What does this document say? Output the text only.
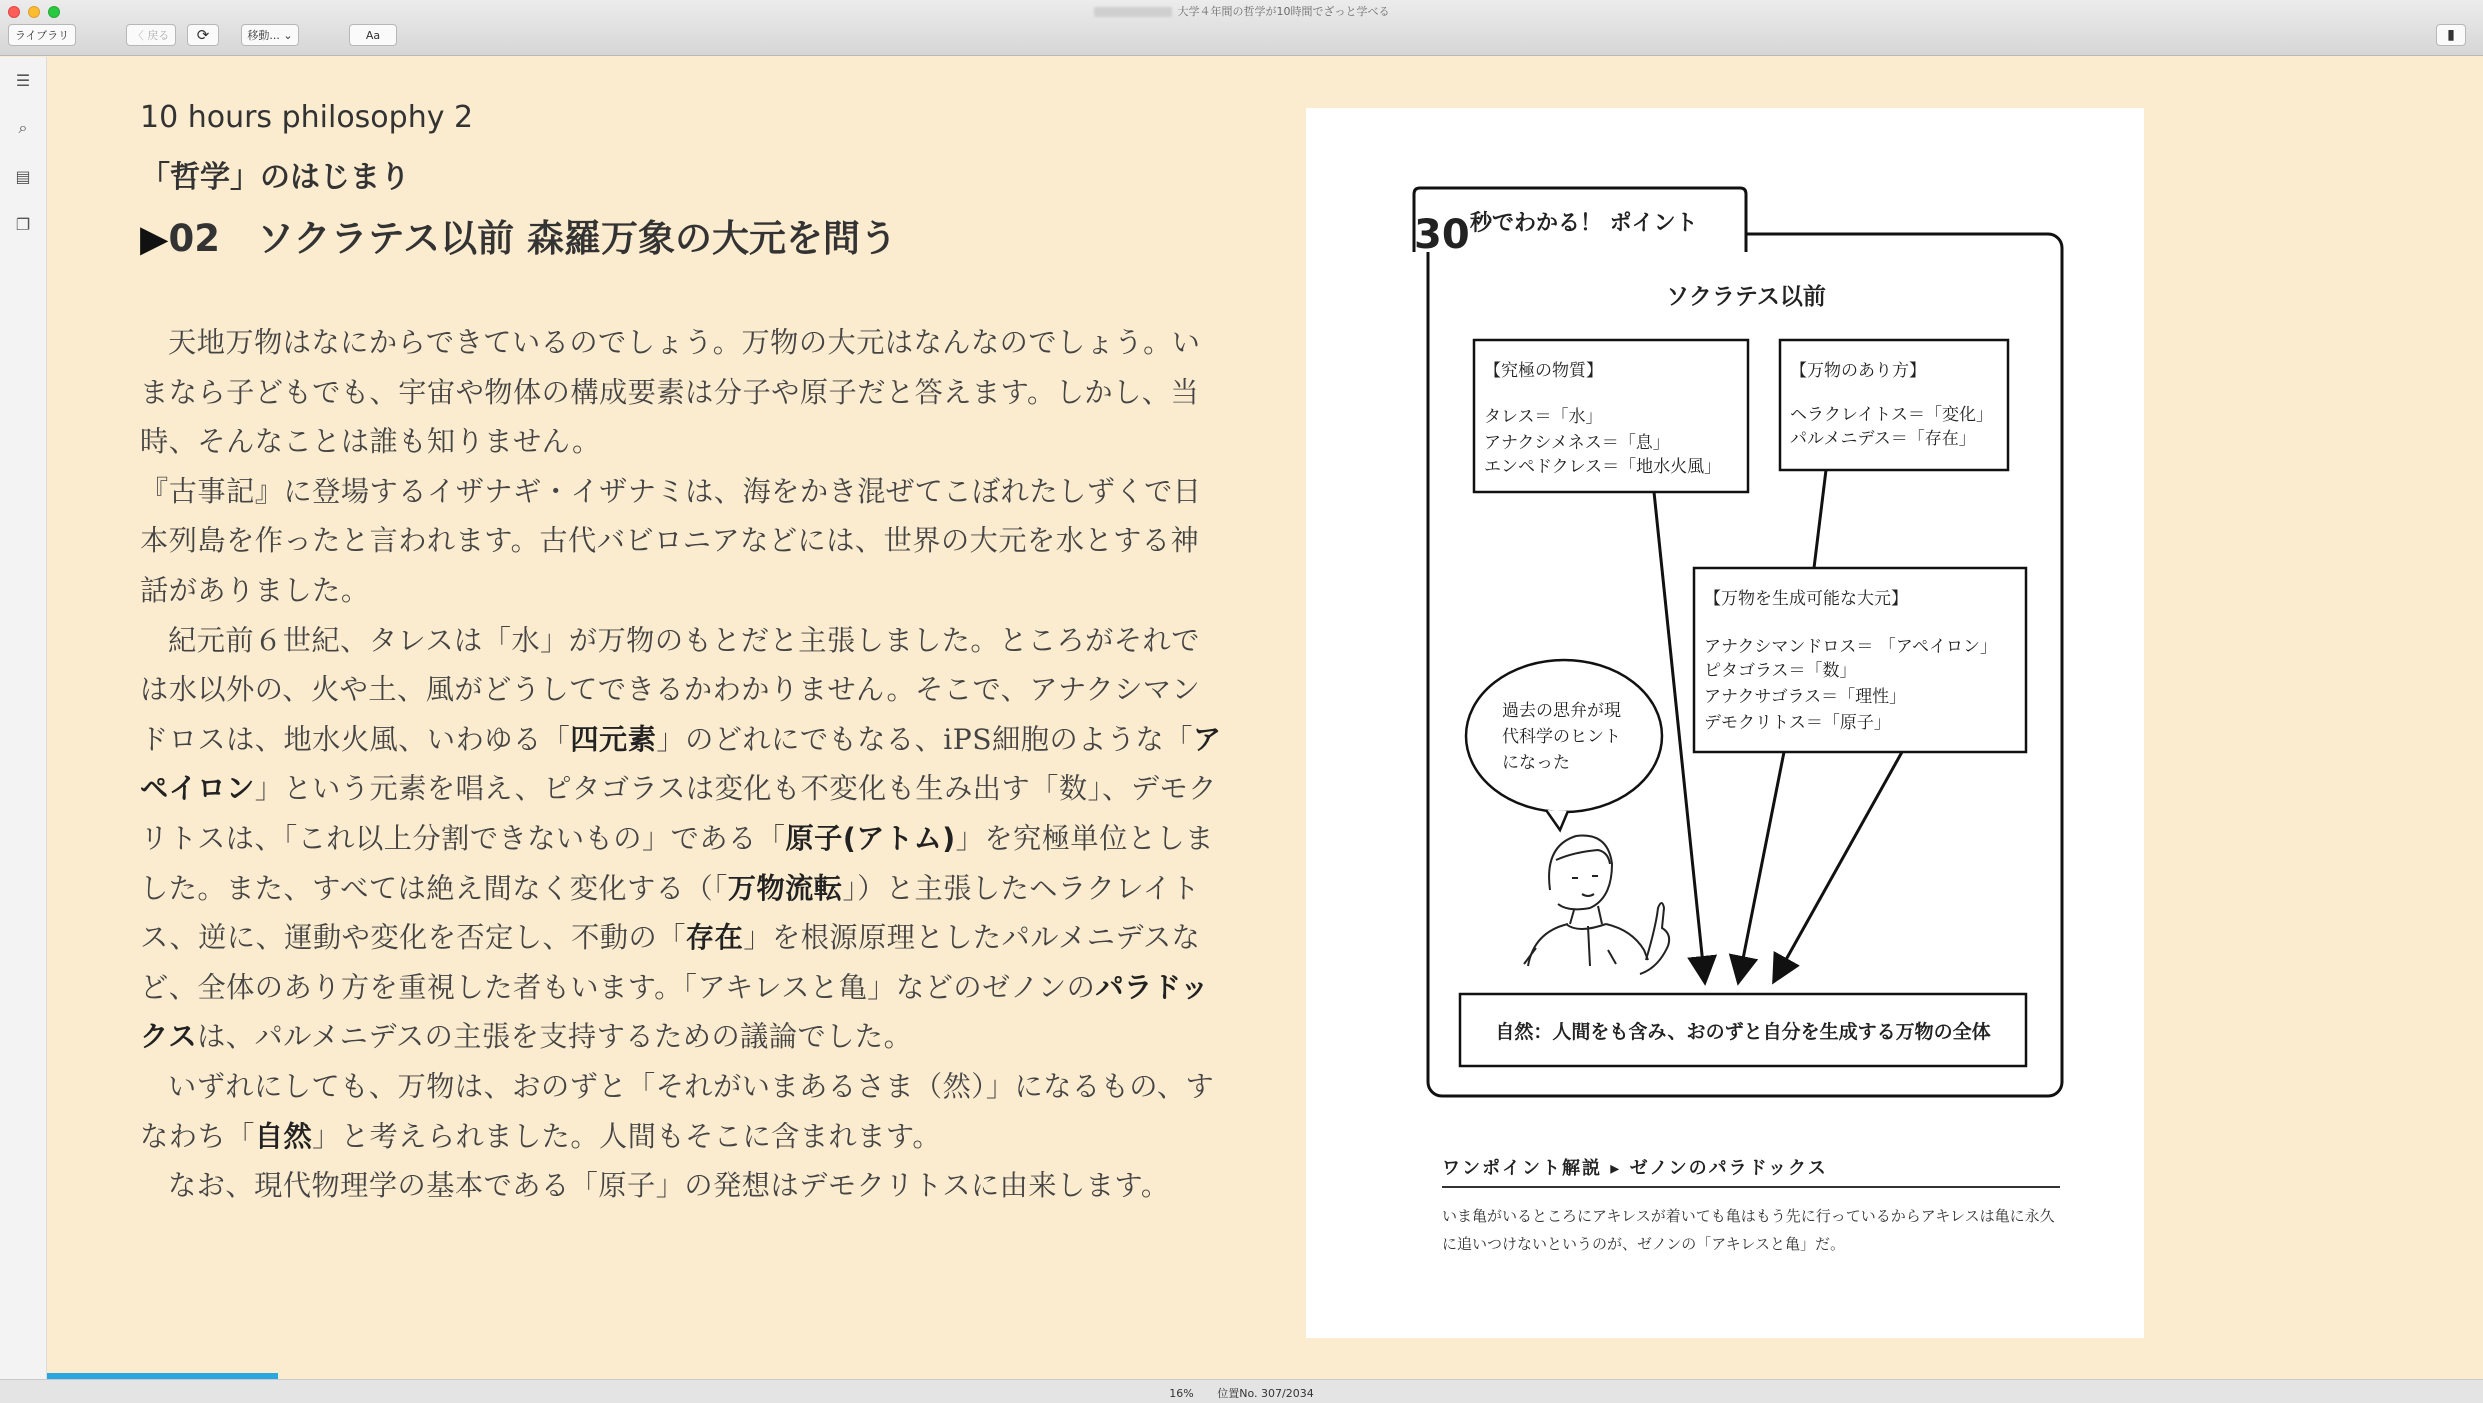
大学４年間の哲学が10時間でざっと学べる
ライブラリ	〈 戻る	⟳	移動... ⌄	Aa	▮
☰
⌕
▤
❐
10 hours philosophy 2
「哲学」のはじまり
▶02　ソクラテス以前 森羅万象の大元を問う

天地万物はなにからできているのでしょう。万物の大元はなんなのでしょう。いまなら子どもでも、宇宙や物体の構成要素は分子や原子だと答えます。しかし、当時、そんなことは誰も知りません。

『古事記』に登場するイザナギ・イザナミは、海をかき混ぜてこぼれたしずくで日本列島を作ったと言われます。古代バビロニアなどには、世界の大元を水とする神話がありました。

紀元前６世紀、タレスは「水」が万物のもとだと主張しました。ところがそれでは水以外の、火や土、風がどうしてできるかわかりません。そこで、アナクシマンドロスは、地水火風、いわゆる「四元素」のどれにでもなる、iPS細胞のような「アペイロン」という元素を唱え、ピタゴラスは変化も不変化も生み出す「数」、デモクリトスは、「これ以上分割できないもの」である「原子(アトム)」を究極単位としました。また、すべては絶え間なく変化する（「万物流転」）と主張したヘラクレイトス、逆に、運動や変化を否定し、不動の「存在」を根源原理としたパルメニデスなど、全体のあり方を重視した者もいます。「アキレスと亀」などのゼノンのパラドックスは、パルメニデスの主張を支持するための議論でした。

いずれにしても、万物は、おのずと「それがいまあるさま（然）」になるもの、すなわち「自然」と考えられました。人間もそこに含まれます。

なお、現代物理学の基本である「原子」の発想はデモクリトスに由来します。

30 秒でわかる！ ポイント
ソクラテス以前
【究極の物質】
タレス＝「水」
アナクシメネス＝「息」
エンペドクレス＝「地水火風」
【万物のあり方】
ヘラクレイトス＝「変化」
パルメニデス＝「存在」
【万物を生成可能な大元】
アナクシマンドロス＝ 「アペイロン」
ピタゴラス＝「数」
アナクサゴラス＝「理性」
デモクリトス＝「原子」
過去の思弁が現
代科学のヒント
になった
自然：人間をも含み、おのずと自分を生成する万物の全体
ワンポイント解説 ▸ ゼノンのパラドックス
いま亀がいるところにアキレスが着いても亀はもう先に行っているからアキレスは亀に永久に追いつけないというのが、ゼノンの「アキレスと亀」だ。
16% 位置No. 307/2034
